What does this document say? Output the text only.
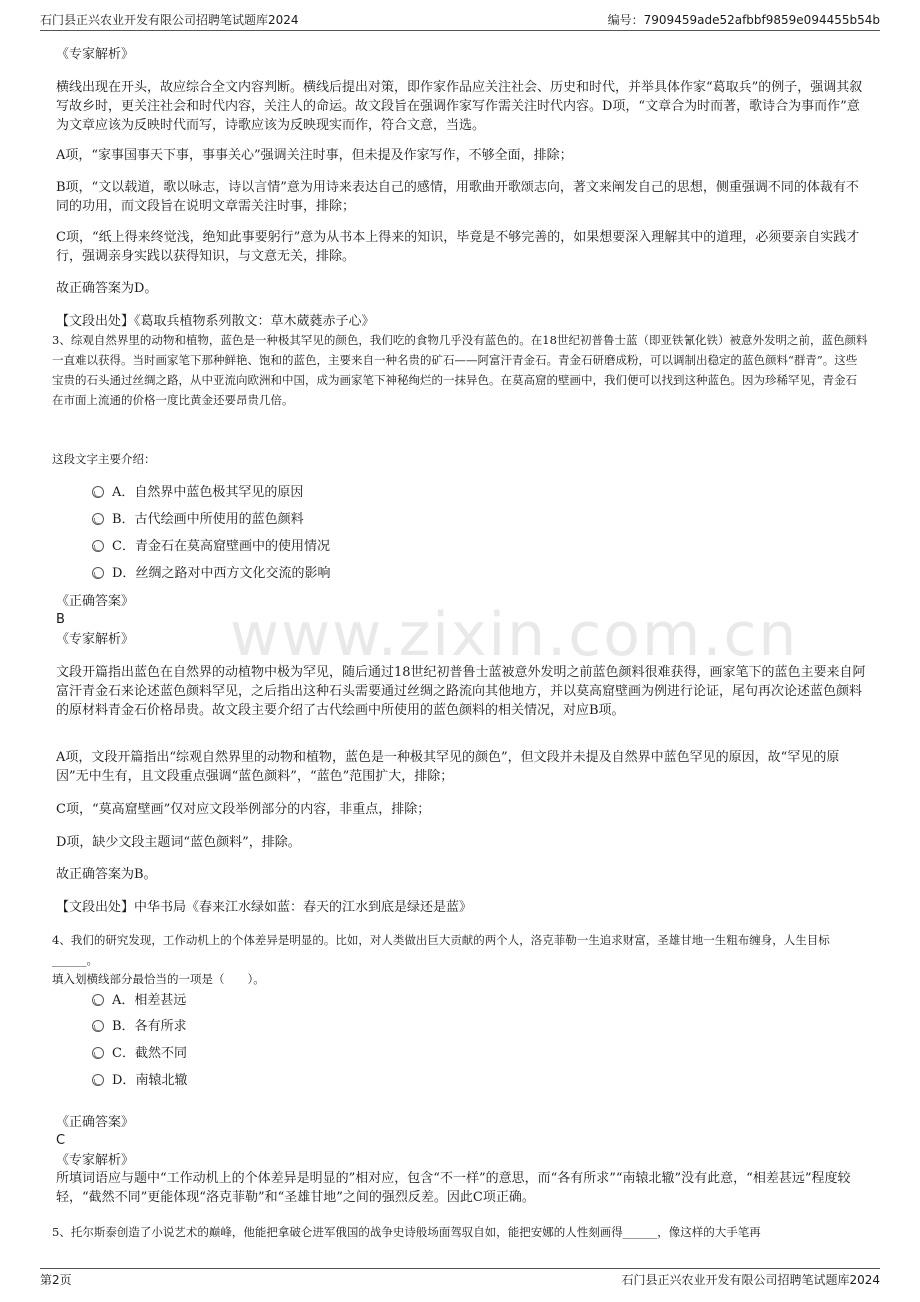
石门县正兴农业开发有限公司招聘笔试题库2024	编号：7909459ade52afbbf9859e094455b54b
www.zixin.com.cn

《专家解析》

横线出现在开头，故应综合全文内容判断。横线后提出对策，即作家作品应关注社会、历史和时代，并举具体作家“葛取兵”的例子，强调其叙写故乡时，更关注社会和时代内容，关注人的命运。故文段旨在强调作家写作需关注时代内容。D项，“文章合为时而著，歌诗合为事而作”意为文章应该为反映时代而写，诗歌应该为反映现实而作，符合文意，当选。

A项，“家事国事天下事，事事关心”强调关注时事，但未提及作家写作，不够全面，排除；

B项，“文以载道，歌以咏志，诗以言情”意为用诗来表达自己的感情，用歌曲开歌颂志向，著文来阐发自己的思想，侧重强调不同的体裁有不同的功用，而文段旨在说明文章需关注时事，排除；

C项，“纸上得来终觉浅，绝知此事要躬行”意为从书本上得来的知识，毕竟是不够完善的，如果想要深入理解其中的道理，必须要亲自实践才行，强调亲身实践以获得知识，与文意无关，排除。

故正确答案为D。

【文段出处】《葛取兵植物系列散文：草木葳蕤赤子心》

3、综观自然界里的动物和植物，蓝色是一种极其罕见的颜色，我们吃的食物几乎没有蓝色的。在18世纪初普鲁士蓝（即亚铁氰化铁）被意外发明之前，蓝色颜料一直难以获得。当时画家笔下那种鲜艳、饱和的蓝色，主要来自一种名贵的矿石——阿富汗青金石。青金石研磨成粉，可以调制出稳定的蓝色颜料“群青”。这些宝贵的石头通过丝绸之路，从中亚流向欧洲和中国，成为画家笔下神秘绚烂的一抹异色。在莫高窟的壁画中，我们便可以找到这种蓝色。因为珍稀罕见，青金石在市面上流通的价格一度比黄金还要昂贵几倍。

这段文字主要介绍：

A．自然界中蓝色极其罕见的原因
B．古代绘画中所使用的蓝色颜料
C．青金石在莫高窟壁画中的使用情况
D．丝绸之路对中西方文化交流的影响

《正确答案》

B

《专家解析》

文段开篇指出蓝色在自然界的动植物中极为罕见，随后通过18世纪初普鲁士蓝被意外发明之前蓝色颜料很难获得，画家笔下的蓝色主要来自阿富汗青金石来论述蓝色颜料罕见，之后指出这种石头需要通过丝绸之路流向其他地方，并以莫高窟壁画为例进行论证，尾句再次论述蓝色颜料的原材料青金石价格昂贵。故文段主要介绍了古代绘画中所使用的蓝色颜料的相关情况，对应B项。

A项，文段开篇指出“综观自然界里的动物和植物，蓝色是一种极其罕见的颜色”，但文段并未提及自然界中蓝色罕见的原因，故“罕见的原因”无中生有，且文段重点强调“蓝色颜料”，“蓝色”范围扩大，排除；

C项，“莫高窟壁画”仅对应文段举例部分的内容，非重点，排除；

D项，缺少文段主题词“蓝色颜料”，排除。

故正确答案为B。

【文段出处】中华书局《春来江水绿如蓝：春天的江水到底是绿还是蓝》

4、我们的研究发现，工作动机上的个体差异是明显的。比如，对人类做出巨大贡献的两个人，洛克菲勒一生追求财富，圣雄甘地一生粗布缠身，人生目标______。

填入划横线部分最恰当的一项是（　　）。

A．相差甚远
B．各有所求
C．截然不同
D．南辕北辙

《正确答案》

C

《专家解析》

所填词语应与题中“工作动机上的个体差异是明显的”相对应，包含“不一样”的意思，而“各有所求”“南辕北辙”没有此意，“相差甚远”程度较轻，“截然不同”更能体现“洛克菲勒”和“圣雄甘地”之间的强烈反差。因此C项正确。

5、托尔斯泰创造了小说艺术的巅峰，他能把拿破仑进军俄国的战争史诗般场面驾驭自如，能把安娜的人性刻画得______，像这样的大手笔再

第2页	石门县正兴农业开发有限公司招聘笔试题库2024
